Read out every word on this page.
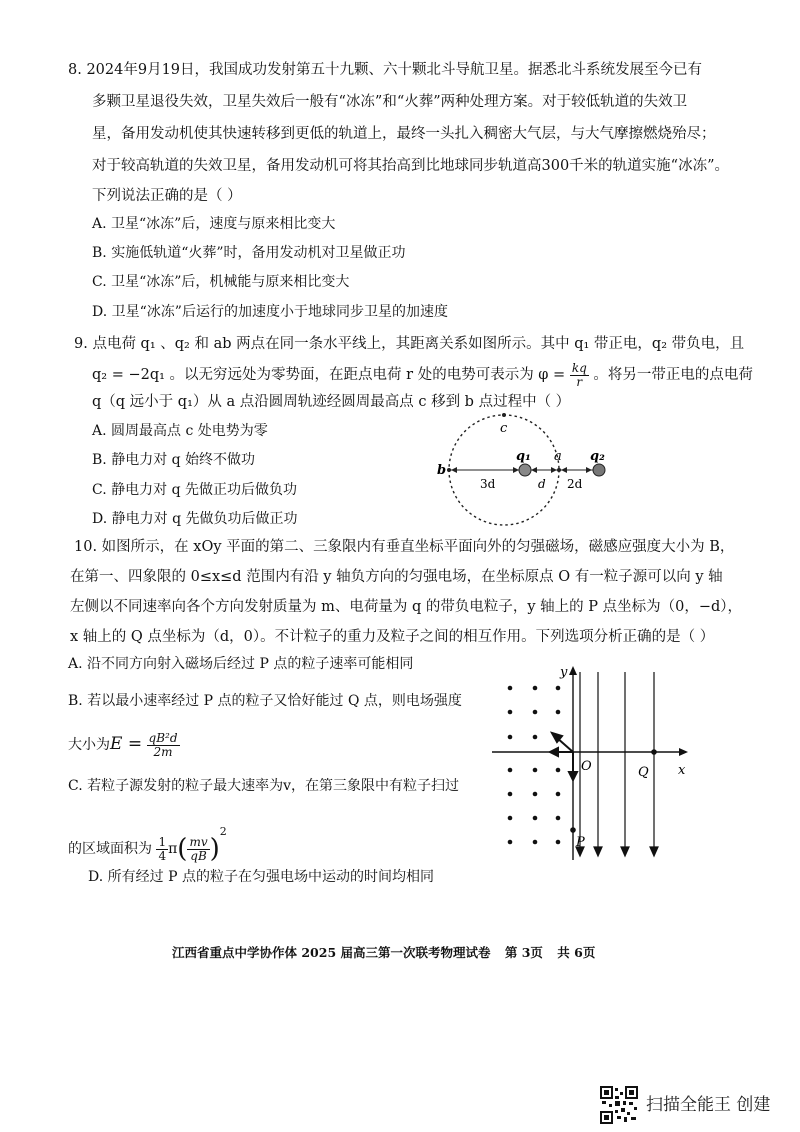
8. 2024年9月19日，我国成功发射第五十九颗、六十颗北斗导航卫星。据悉北斗系统发展至今已有
多颗卫星退役失效，卫星失效后一般有“冰冻”和“火葬”两种处理方案。对于较低轨道的失效卫
星，备用发动机使其快速转移到更低的轨道上，最终一头扎入稠密大气层，与大气摩擦燃烧殆尽；
对于较高轨道的失效卫星，备用发动机可将其抬高到比地球同步轨道高300千米的轨道实施“冰冻”。
下列说法正确的是（ ）
A. 卫星“冰冻”后，速度与原来相比变大
B. 实施低轨道“火葬”时，备用发动机对卫星做正功
C. 卫星“冰冻”后，机械能与原来相比变大
D. 卫星“冰冻”后运行的加速度小于地球同步卫星的加速度
9. 点电荷 q₁ 、q₂ 和 ab 两点在同一条水平线上，其距离关系如图所示。其中 q₁ 带正电，q₂ 带负电，且
q₂ = −2q₁ 。以无穷远处为零势面，在距点电荷 r 处的电势可表示为 $\varphi = \frac{kq}{r}$ 。将另一带正电的点电荷
q（q 远小于 q₁）从 a 点沿圆周轨迹经圆周最高点 c 移到 b 点过程中（ ）
A. 圆周最高点 c 处电势为零
B. 静电力对 q 始终不做功
C. 静电力对 q 先做正功后做负功
D. 静电力对 q 先做负功后做正功
b
c
q₁ a q₂
3d	d 2d
10. 如图所示，在 xOy 平面的第二、三象限内有垂直坐标平面向外的匀强磁场，磁感应强度大小为 B，
在第一、四象限的 0≤x≤d 范围内有沿 y 轴负方向的匀强电场，在坐标原点 O 有一粒子源可以向 y 轴
左侧以不同速率向各个方向发射质量为 m、电荷量为 q 的带负电粒子，y 轴上的 P 点坐标为（0，−d），
x 轴上的 Q 点坐标为（d，0）。不计粒子的重力及粒子之间的相互作用。下列选项分析正确的是（ ）
A. 沿不同方向射入磁场后经过 P 点的粒子速率可能相同
B. 若以最小速率经过 P 点的粒子又恰好能过 Q 点，则电场强度
大小为$E = \frac{\text{qB²d}}{2m}$
C. 若粒子源发射的粒子最大速率为v，在第三象限中有粒子扫过
的区域面积为 $\frac{1}{4} \pi( \frac{mv}{qB} )^2$
D. 所有经过 P 点的粒子在匀强电场中运动的时间均相同
y
x
O	Q
P
江西省重点中学协作体 2025 届高三第一次联考物理试卷 第 3页 共 6页
扫描全能王 创建
